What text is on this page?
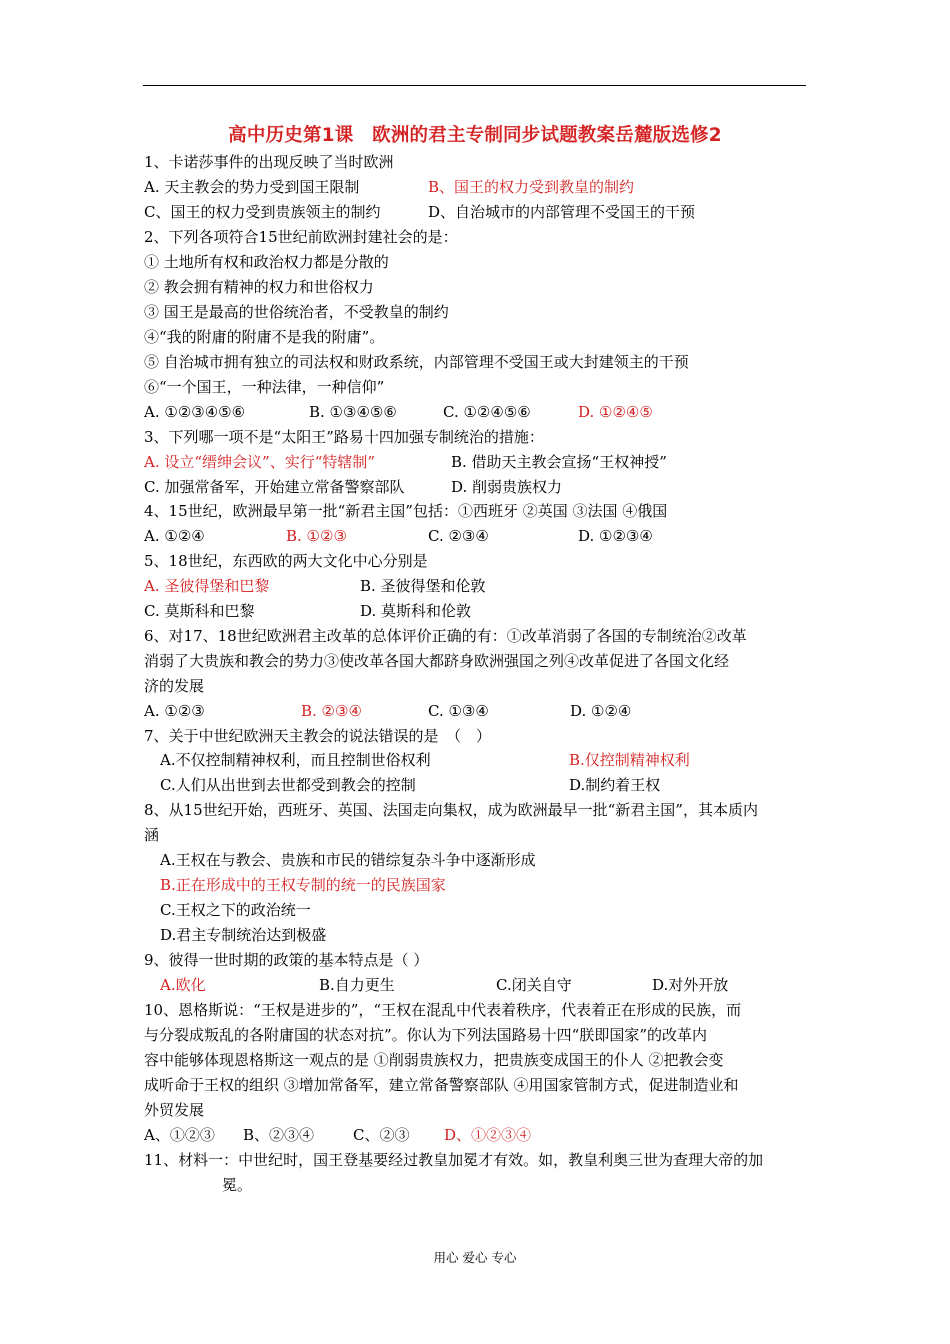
高中历史第1课　欧洲的君主专制同步试题教案岳麓版选修2
1、卡诺莎事件的出现反映了当时欧洲
A. 天主教会的势力受到国王限制	B、国王的权力受到教皇的制约
C、国王的权力受到贵族领主的制约	D、自治城市的内部管理不受国王的干预
2、下列各项符合15世纪前欧洲封建社会的是：
① 土地所有权和政治权力都是分散的
② 教会拥有精神的权力和世俗权力
③ 国王是最高的世俗统治者，不受教皇的制约
④“我的附庸的附庸不是我的附庸”。
⑤ 自治城市拥有独立的司法权和财政系统，内部管理不受国王或大封建领主的干预
⑥“一个国王，一种法律，一种信仰”
A. ①②③④⑤⑥	B. ①③④⑤⑥	C. ①②④⑤⑥	D. ①②④⑤
3、下列哪一项不是“太阳王”路易十四加强专制统治的措施：
A. 设立“缙绅会议”、实行“特辖制”	B. 借助天主教会宣扬“王权神授”
C. 加强常备军，开始建立常备警察部队	D. 削弱贵族权力
4、15世纪，欧洲最早第一批“新君主国”包括：①西班牙 ②英国 ③法国 ④俄国
A. ①②④	B. ①②③	C. ②③④	D. ①②③④
5、18世纪，东西欧的两大文化中心分别是
A. 圣彼得堡和巴黎	B. 圣彼得堡和伦敦
C. 莫斯科和巴黎	D. 莫斯科和伦敦
6、对17、18世纪欧洲君主改革的总体评价正确的有：①改革消弱了各国的专制统治②改革
消弱了大贵族和教会的势力③使改革各国大都跻身欧洲强国之列④改革促进了各国文化经
济的发展
A. ①②③	B. ②③④	C. ①③④	D. ①②④
7、关于中世纪欧洲天主教会的说法错误的是　（　）
A.不仅控制精神权利，而且控制世俗权利	B.仅控制精神权利
C.人们从出世到去世都受到教会的控制	D.制约着王权
8、从15世纪开始，西班牙、英国、法国走向集权，成为欧洲最早一批“新君主国”，其本质内
涵
A.王权在与教会、贵族和市民的错综复杂斗争中逐渐形成
B.正在形成中的王权专制的统一的民族国家
C.王权之下的政治统一
D.君主专制统治达到极盛
9、彼得一世时期的政策的基本特点是（ ）
A.欧化	B.自力更生	C.闭关自守	D.对外开放
10、恩格斯说：“王权是进步的”，“王权在混乱中代表着秩序，代表着正在形成的民族，而
与分裂成叛乱的各附庸国的状态对抗”。你认为下列法国路易十四“朕即国家”的改革内
容中能够体现恩格斯这一观点的是 ①削弱贵族权力，把贵族变成国王的仆人 ②把教会变
成听命于王权的组织 ③增加常备军，建立常备警察部队 ④用国家管制方式，促进制造业和
外贸发展
A、①②③ B、②③④	C、②③ D、①②③④
11、材料一：中世纪时，国王登基要经过教皇加冕才有效。如，教皇利奥三世为查理大帝的加
冕。
用心 爱心 专心
